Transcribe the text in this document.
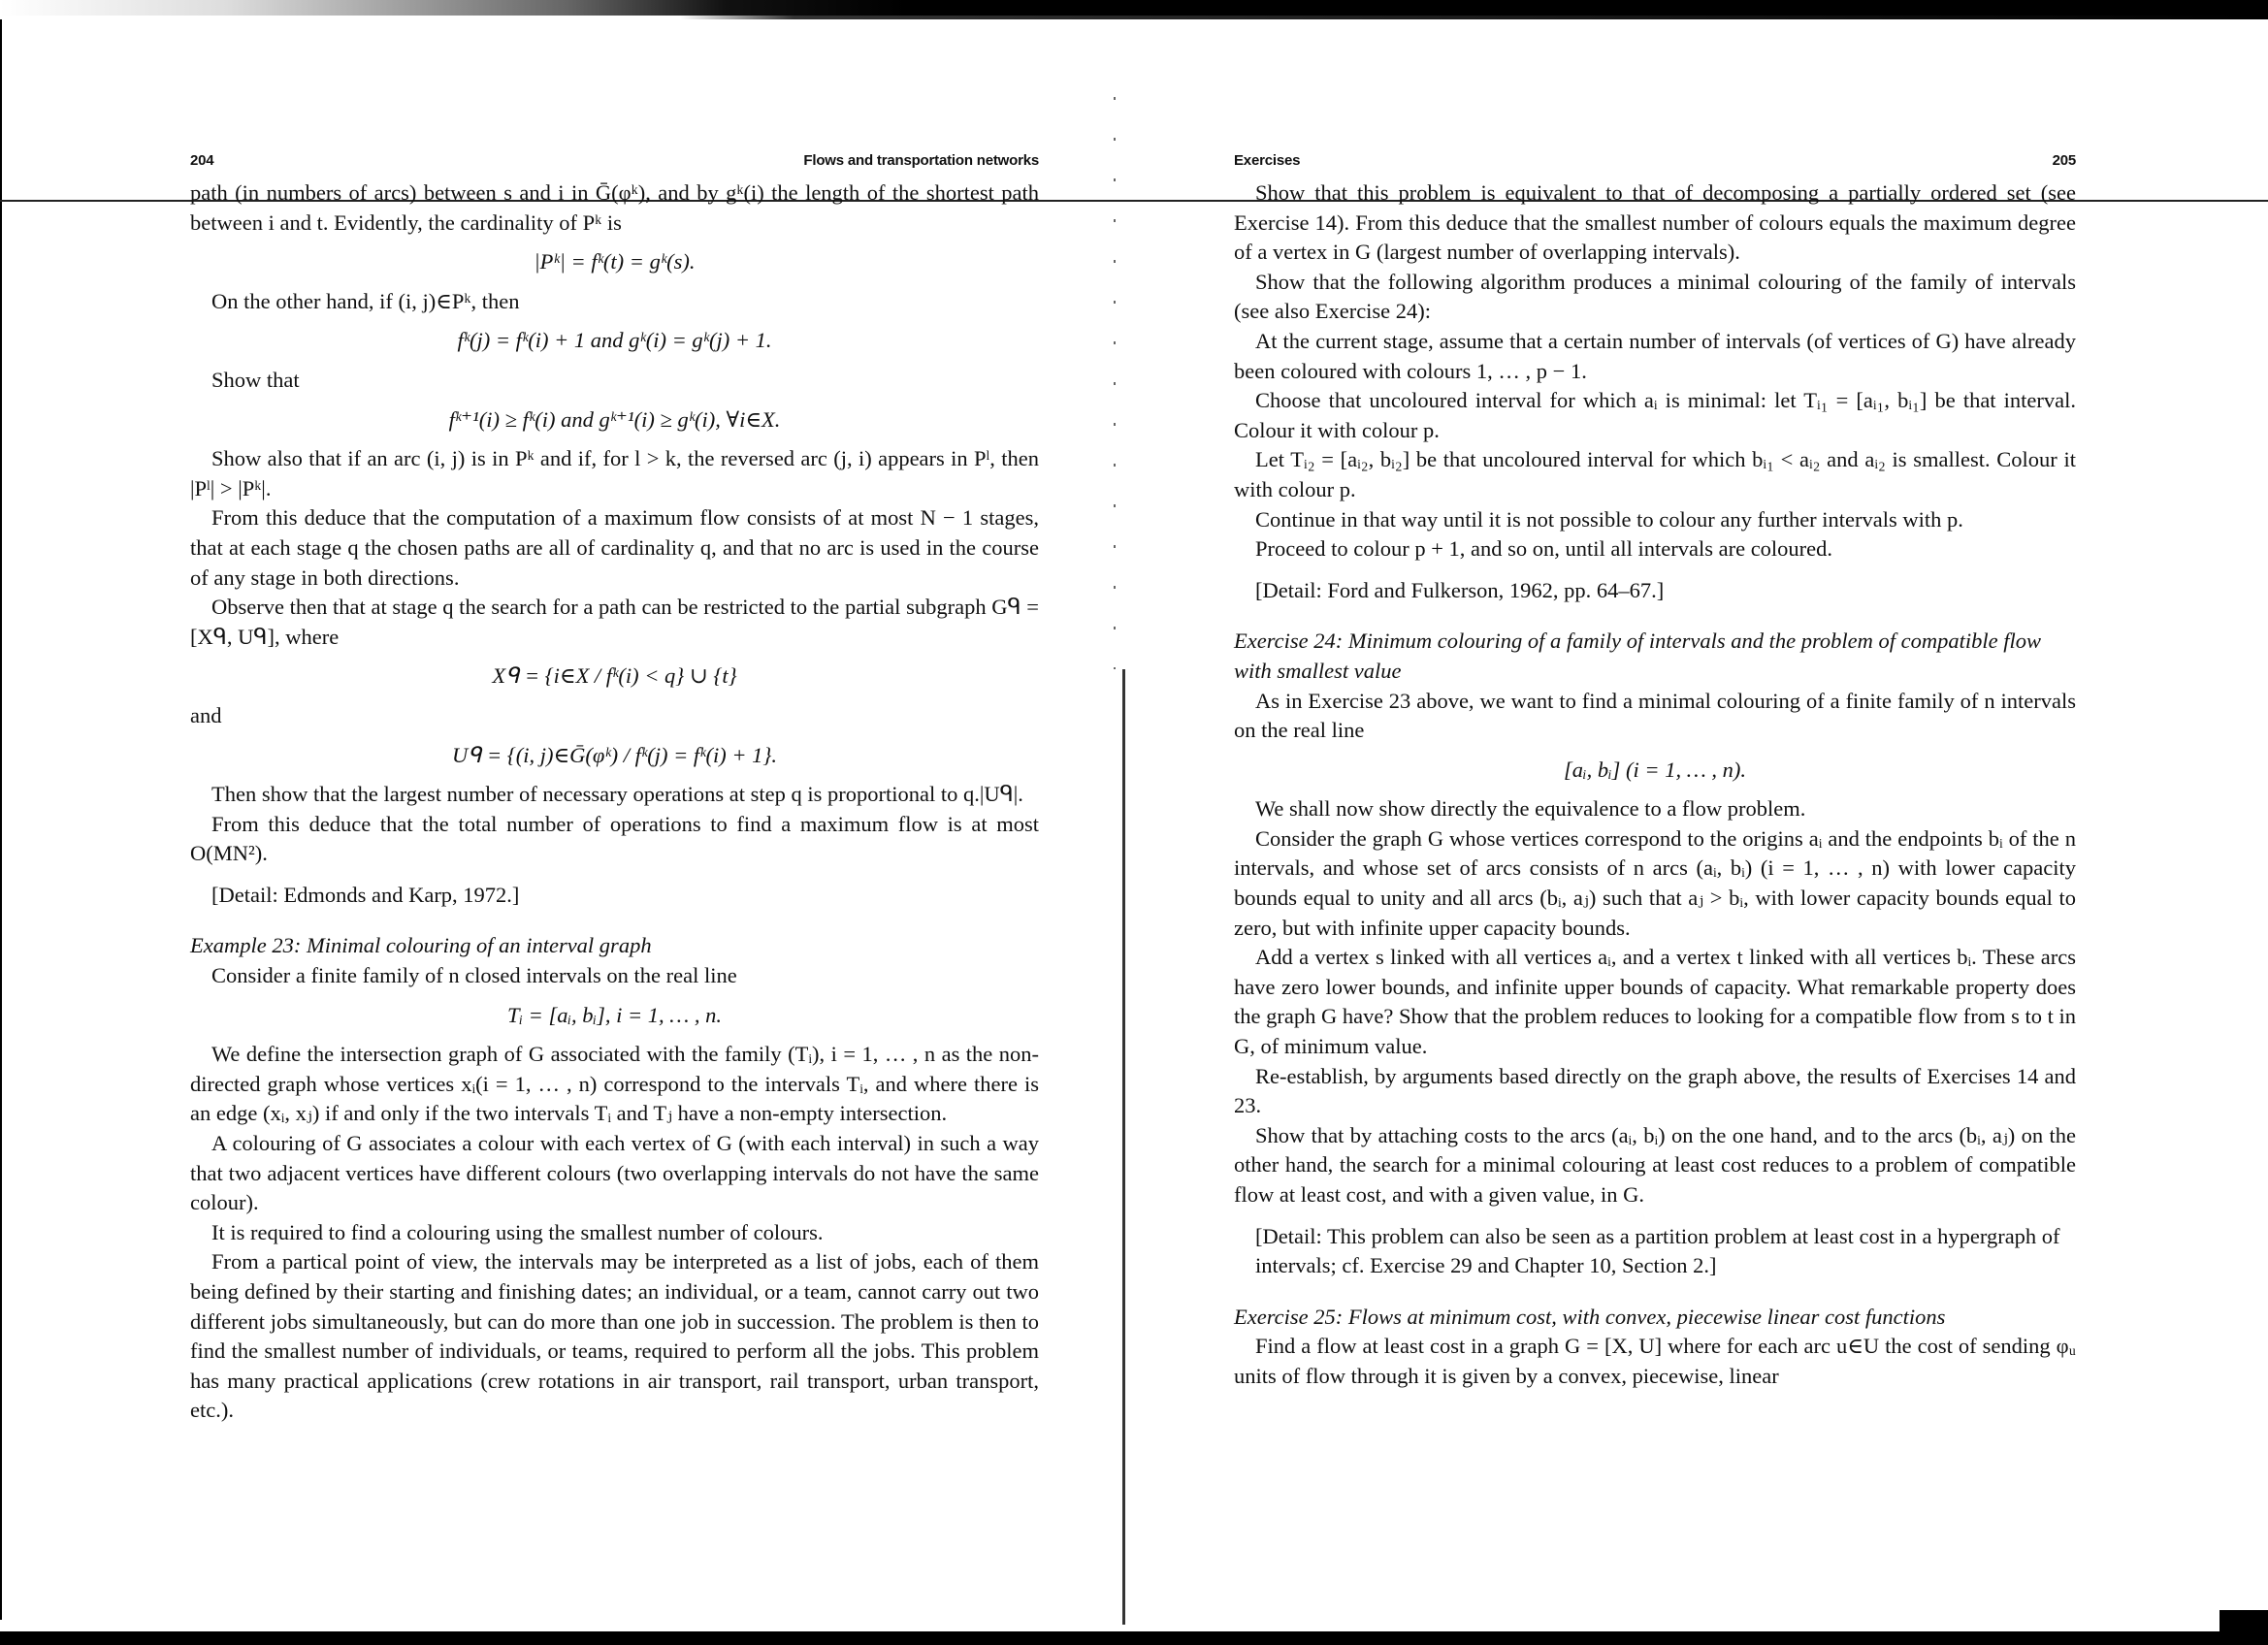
204	Flows and transportation networks
path (in numbers of arcs) between s and i in Ḡ(φᵏ), and by gᵏ(i) the length of the shortest path between i and t. Evidently, the cardinality of Pᵏ is
|Pᵏ| = fᵏ(t) = gᵏ(s).
On the other hand, if (i, j)∈Pᵏ, then
fᵏ(j) = fᵏ(i) + 1 and gᵏ(i) = gᵏ(j) + 1.
Show that
fᵏ⁺¹(i) ≥ fᵏ(i) and gᵏ⁺¹(i) ≥ gᵏ(i), ∀i∈X.
Show also that if an arc (i, j) is in Pᵏ and if, for l > k, the reversed arc (j, i) appears in Pˡ, then |Pˡ| > |Pᵏ|.
From this deduce that the computation of a maximum flow consists of at most N − 1 stages, that at each stage q the chosen paths are all of cardinality q, and that no arc is used in the course of any stage in both directions.
Observe then that at stage q the search for a path can be restricted to the partial subgraph Gᑫ = [Xᑫ, Uᑫ], where
Xᑫ = {i∈X / fᵏ(i) < q} ∪ {t}
and
Uᑫ = {(i, j)∈Ḡ(φᵏ) / fᵏ(j) = fᵏ(i) + 1}.
Then show that the largest number of necessary operations at step q is proportional to q.|Uᑫ|.
From this deduce that the total number of operations to find a maximum flow is at most O(MN²).
[Detail: Edmonds and Karp, 1972.]
Example 23: Minimal colouring of an interval graph
Consider a finite family of n closed intervals on the real line
Tᵢ = [aᵢ, bᵢ], i = 1, … , n.
We define the intersection graph of G associated with the family (Tᵢ), i = 1, … , n as the non-directed graph whose vertices xᵢ(i = 1, … , n) correspond to the intervals Tᵢ, and where there is an edge (xᵢ, xⱼ) if and only if the two intervals Tᵢ and Tⱼ have a non-empty intersection.
A colouring of G associates a colour with each vertex of G (with each interval) in such a way that two adjacent vertices have different colours (two overlapping intervals do not have the same colour).
It is required to find a colouring using the smallest number of colours.
From a partical point of view, the intervals may be interpreted as a list of jobs, each of them being defined by their starting and finishing dates; an individual, or a team, cannot carry out two different jobs simultaneously, but can do more than one job in succession. The problem is then to find the smallest number of individuals, or teams, required to perform all the jobs. This problem has many practical applications (crew rotations in air transport, rail transport, urban transport, etc.).
Exercises	205
Show that this problem is equivalent to that of decomposing a partially ordered set (see Exercise 14). From this deduce that the smallest number of colours equals the maximum degree of a vertex in G (largest number of overlapping intervals).
Show that the following algorithm produces a minimal colouring of the family of intervals (see also Exercise 24):
At the current stage, assume that a certain number of intervals (of vertices of G) have already been coloured with colours 1, … , p − 1.
Choose that uncoloured interval for which aᵢ is minimal: let Tᵢ₁ = [aᵢ₁, bᵢ₁] be that interval. Colour it with colour p.
Let Tᵢ₂ = [aᵢ₂, bᵢ₂] be that uncoloured interval for which bᵢ₁ < aᵢ₂ and aᵢ₂ is smallest. Colour it with colour p.
Continue in that way until it is not possible to colour any further intervals with p.
Proceed to colour p + 1, and so on, until all intervals are coloured.
[Detail: Ford and Fulkerson, 1962, pp. 64–67.]
Exercise 24: Minimum colouring of a family of intervals and the problem of compatible flow with smallest value
As in Exercise 23 above, we want to find a minimal colouring of a finite family of n intervals on the real line
[aᵢ, bᵢ] (i = 1, … , n).
We shall now show directly the equivalence to a flow problem.
Consider the graph G whose vertices correspond to the origins aᵢ and the endpoints bᵢ of the n intervals, and whose set of arcs consists of n arcs (aᵢ, bᵢ) (i = 1, … , n) with lower capacity bounds equal to unity and all arcs (bᵢ, aⱼ) such that aⱼ > bᵢ, with lower capacity bounds equal to zero, but with infinite upper capacity bounds.
Add a vertex s linked with all vertices aᵢ, and a vertex t linked with all vertices bᵢ. These arcs have zero lower bounds, and infinite upper bounds of capacity. What remarkable property does the graph G have? Show that the problem reduces to looking for a compatible flow from s to t in G, of minimum value.
Re-establish, by arguments based directly on the graph above, the results of Exercises 14 and 23.
Show that by attaching costs to the arcs (aᵢ, bᵢ) on the one hand, and to the arcs (bᵢ, aⱼ) on the other hand, the search for a minimal colouring at least cost reduces to a problem of compatible flow at least cost, and with a given value, in G.
[Detail: This problem can also be seen as a partition problem at least cost in a hypergraph of intervals; cf. Exercise 29 and Chapter 10, Section 2.]
Exercise 25: Flows at minimum cost, with convex, piecewise linear cost functions
Find a flow at least cost in a graph G = [X, U] where for each arc u∈U the cost of sending φᵤ units of flow through it is given by a convex, piecewise, linear
